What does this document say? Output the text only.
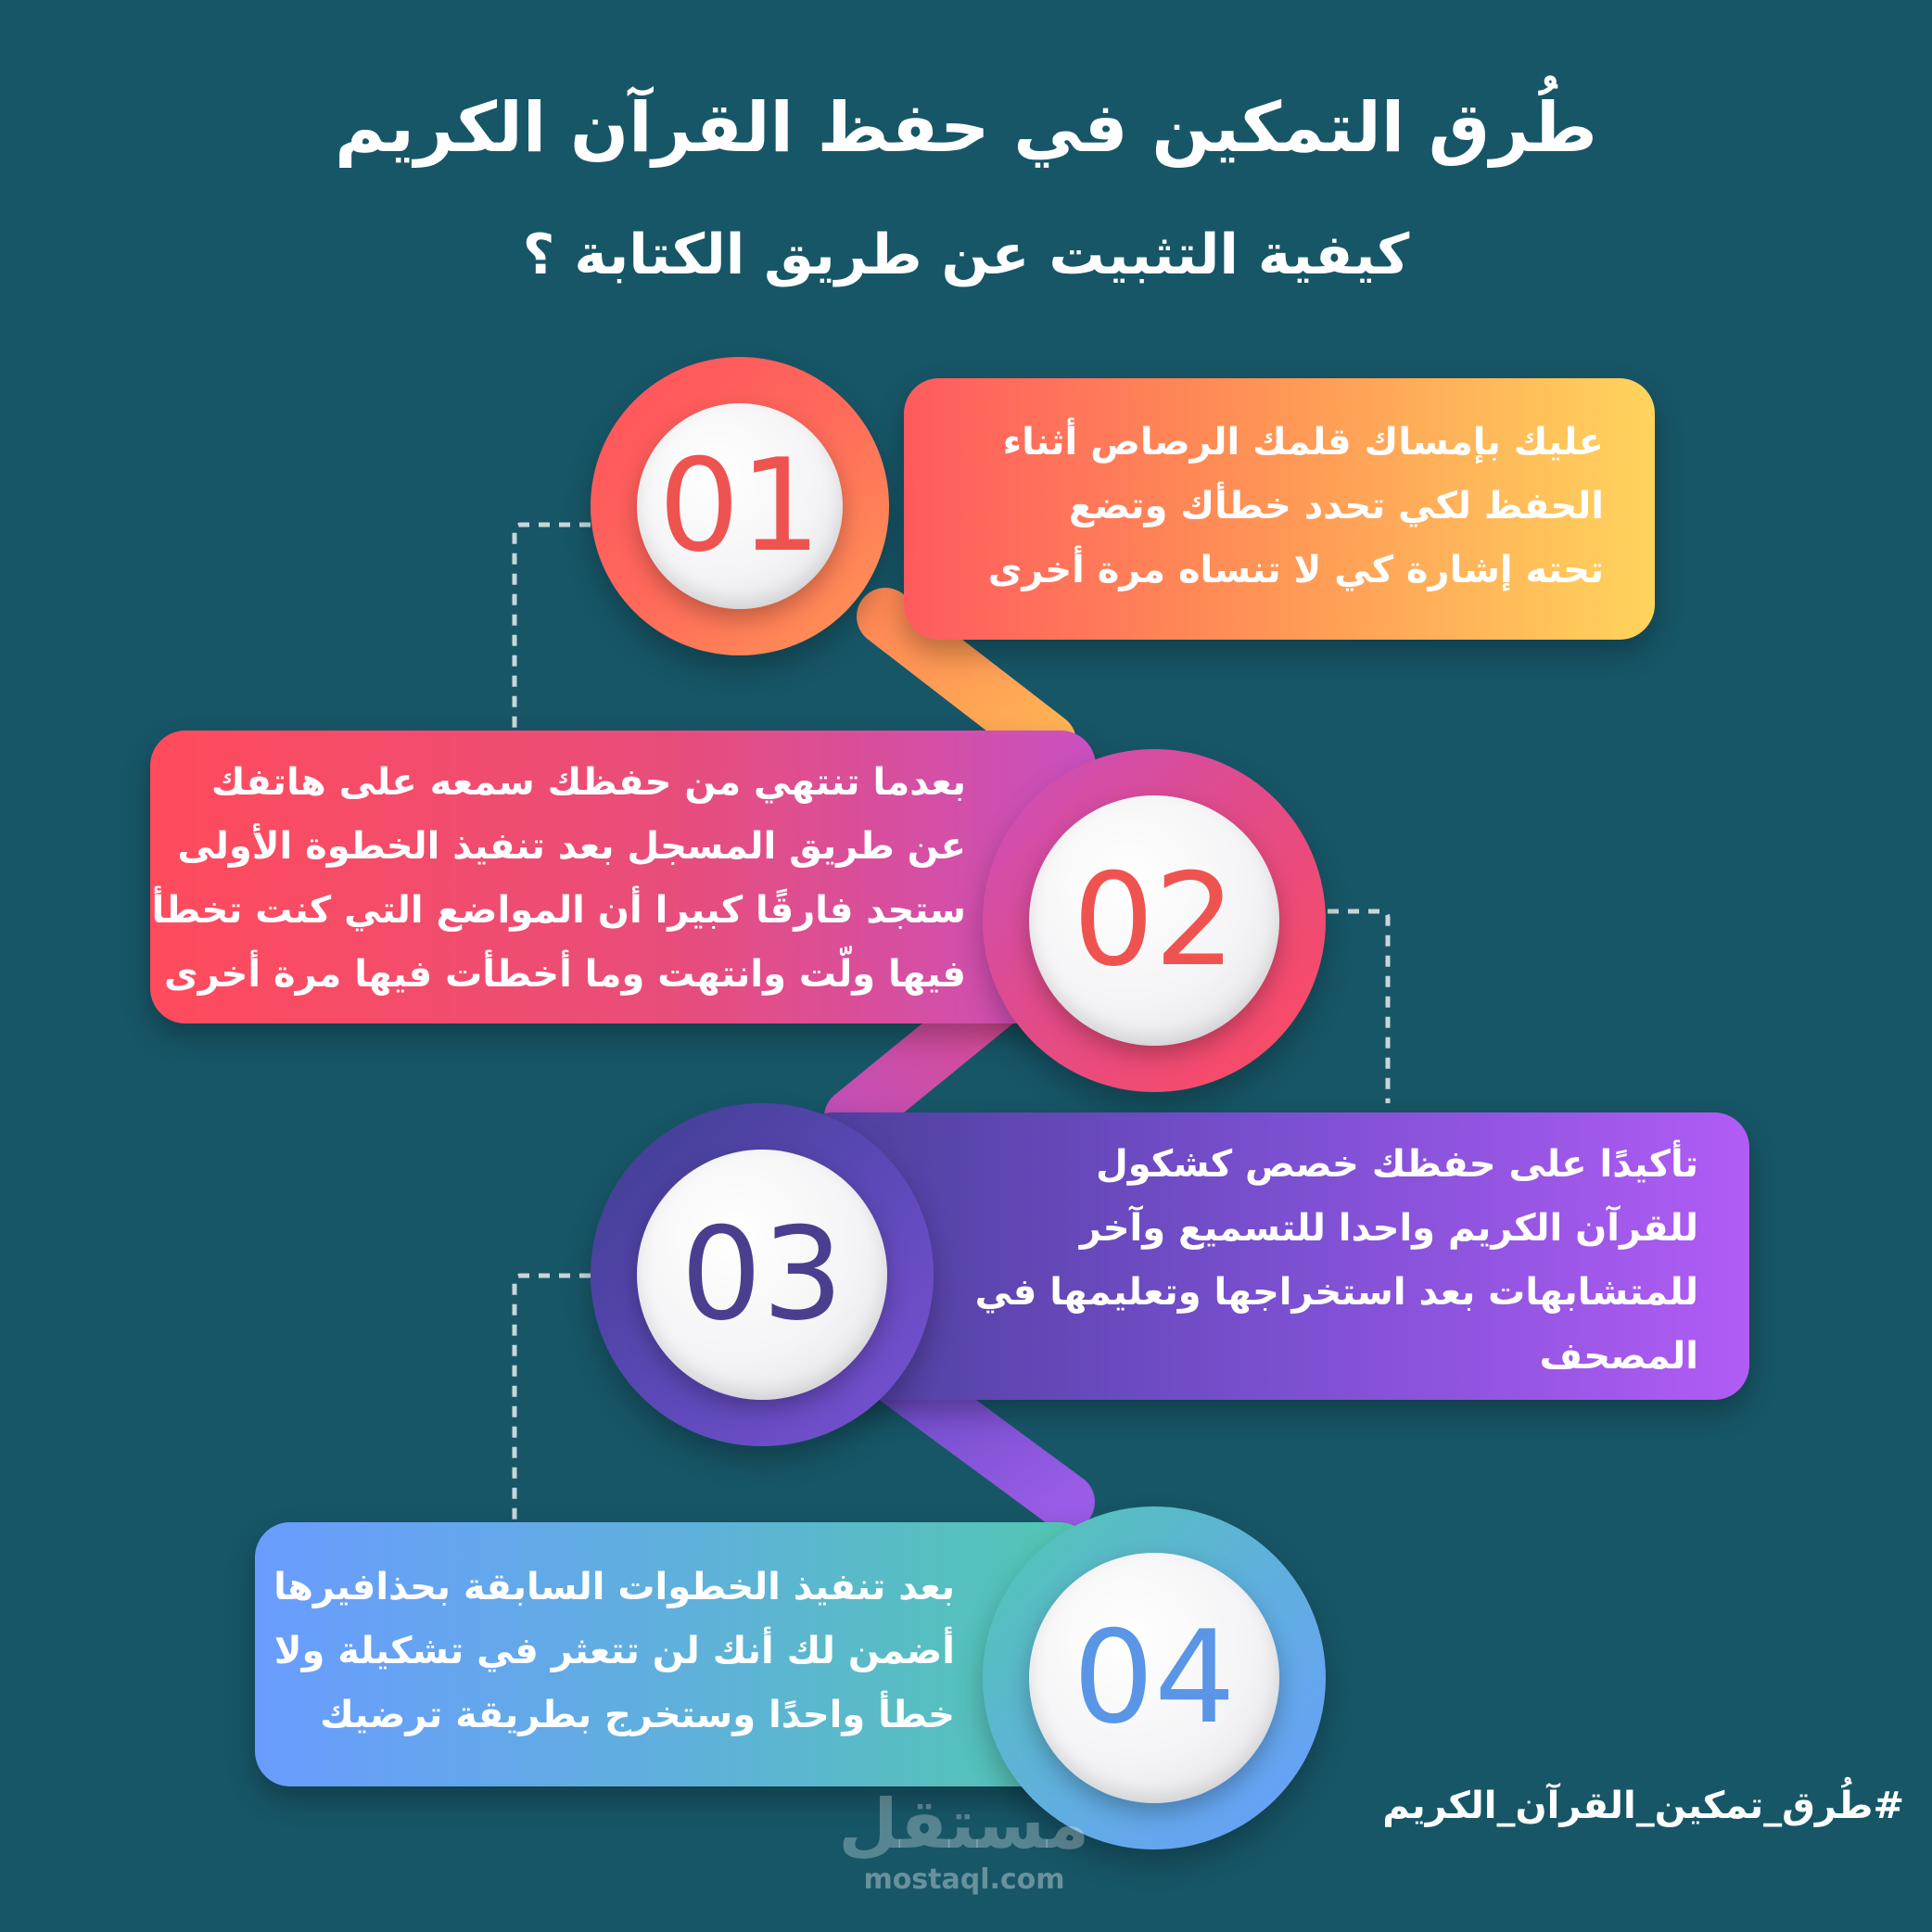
طُرق التمكين في حفظ القرآن الكريم
كيفية التثبيت عن طريق الكتابة ؟
عليك بإمساك قلمك الرصاص أثناء
الحفظ لكي تحدد خطأك وتضع
تحته إشارة كي لا تنساه مرة أخرى
01
بعدما تنتهي من حفظك سمعه على هاتفك
عن طريق المسجل بعد تنفيذ الخطوة الأولى
ستجد فارقًا كبيرا أن المواضع التي كنت تخطأ
فيها ولّت وانتهت وما أخطأت فيها مرة أخرى 02
تأكيدًا على حفظك خصص كشكول
للقرآن الكريم واحدا للتسميع وآخر
للمتشابهات بعد استخراجها وتعليمها في
المصحف
03
بعد تنفيذ الخطوات السابقة بحذافيرها
أضمن لك أنك لن تتعثر في تشكيلة ولا
خطأ واحدًا وستخرج بطريقة ترضيك 04
مستقل
mostaql.com
#طُرق_تمكين_القرآن_الكريم
